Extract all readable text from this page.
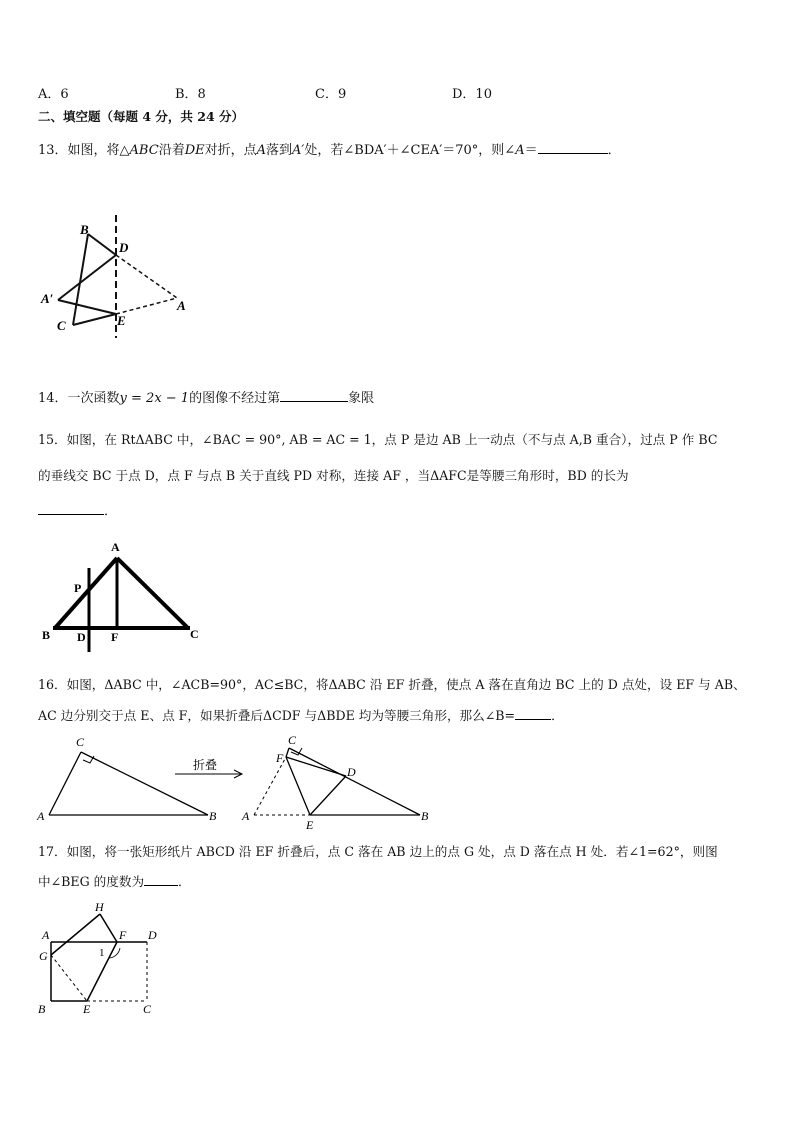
A．6	B．8	C．9	D．10
二、填空题（每题 4 分，共 24 分）
13．如图，将△ABC沿着DE对折，点A落到A′处，若∠BDA′＋∠CEA′＝70°，则∠A＝	．
B
D
A′	A
C	E
14．一次函数y = 2x − 1的图像不经过第	象限
15．如图，在 RtΔABC 中，∠BAC = 90°, AB = AC = 1，点 P 是边 AB 上一动点（不与点 A,B 重合），过点 P 作 BC
的垂线交 BC 于点 D，点 F 与点 B 关于直线 PD 对称，连接 AF ，当ΔAFC是等腰三角形时，BD 的长为
．
A
P
B D F	C
16．如图，ΔABC 中，∠ACB=90°，AC≤BC，将ΔABC 沿 EF 折叠，使点 A 落在直角边 BC 上的 D 点处，设 EF 与 AB、
AC 边分别交于点 E、点 F，如果折叠后ΔCDF 与ΔBDE 均为等腰三角形，那么∠B=	．
C
A	B
折叠
C
F
D
A
E
B
17．如图，将一张矩形纸片 ABCD 沿 EF 折叠后，点 C 落在 AB 边上的点 G 处，点 D 落在点 H 处．若∠1=62°，则图
中∠BEG 的度数为	．
H
A	F D
G	1
B	E	C
